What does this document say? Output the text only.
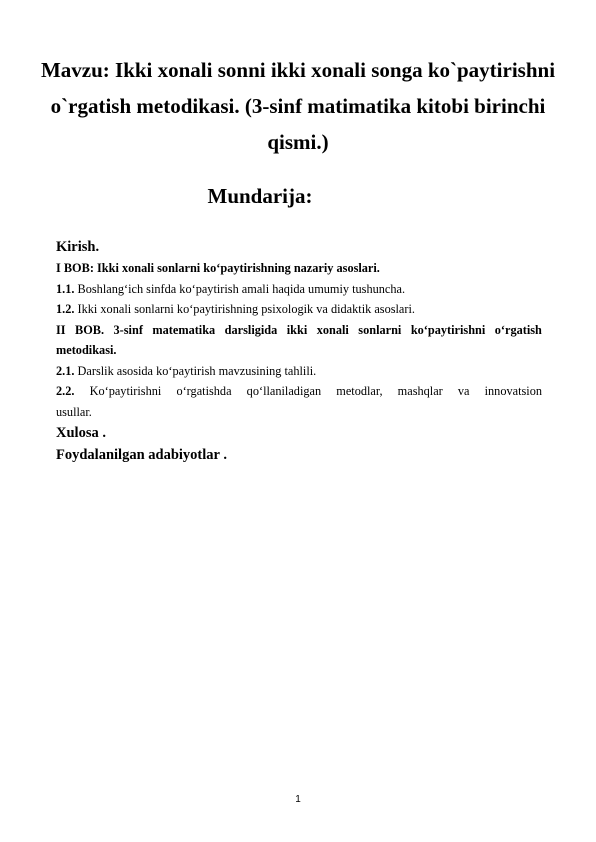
Mavzu: Ikki xonali sonni ikki xonali songa ko`paytirishni
o`rgatish metodikasi. (3-sinf matimatika kitobi birinchi
qismi.)
Mundarija:
Kirish.
I BOB: Ikki xonali sonlarni ko‘paytirishning nazariy asoslari.
1.1. Boshlang‘ich sinfda ko‘paytirish amali haqida umumiy tushuncha.
1.2. Ikki xonali sonlarni ko‘paytirishning psixologik va didaktik asoslari.
II BOB. 3-sinf matematika darsligida ikki xonali sonlarni ko‘paytirishni o‘rgatish
metodikasi.
2.1. Darslik asosida ko‘paytirish mavzusining tahlili.
2.2. Ko‘paytirishni o‘rgatishda qo‘llaniladigan metodlar, mashqlar va innovatsion
usullar.
Xulosa .
Foydalanilgan adabiyotlar .
1
